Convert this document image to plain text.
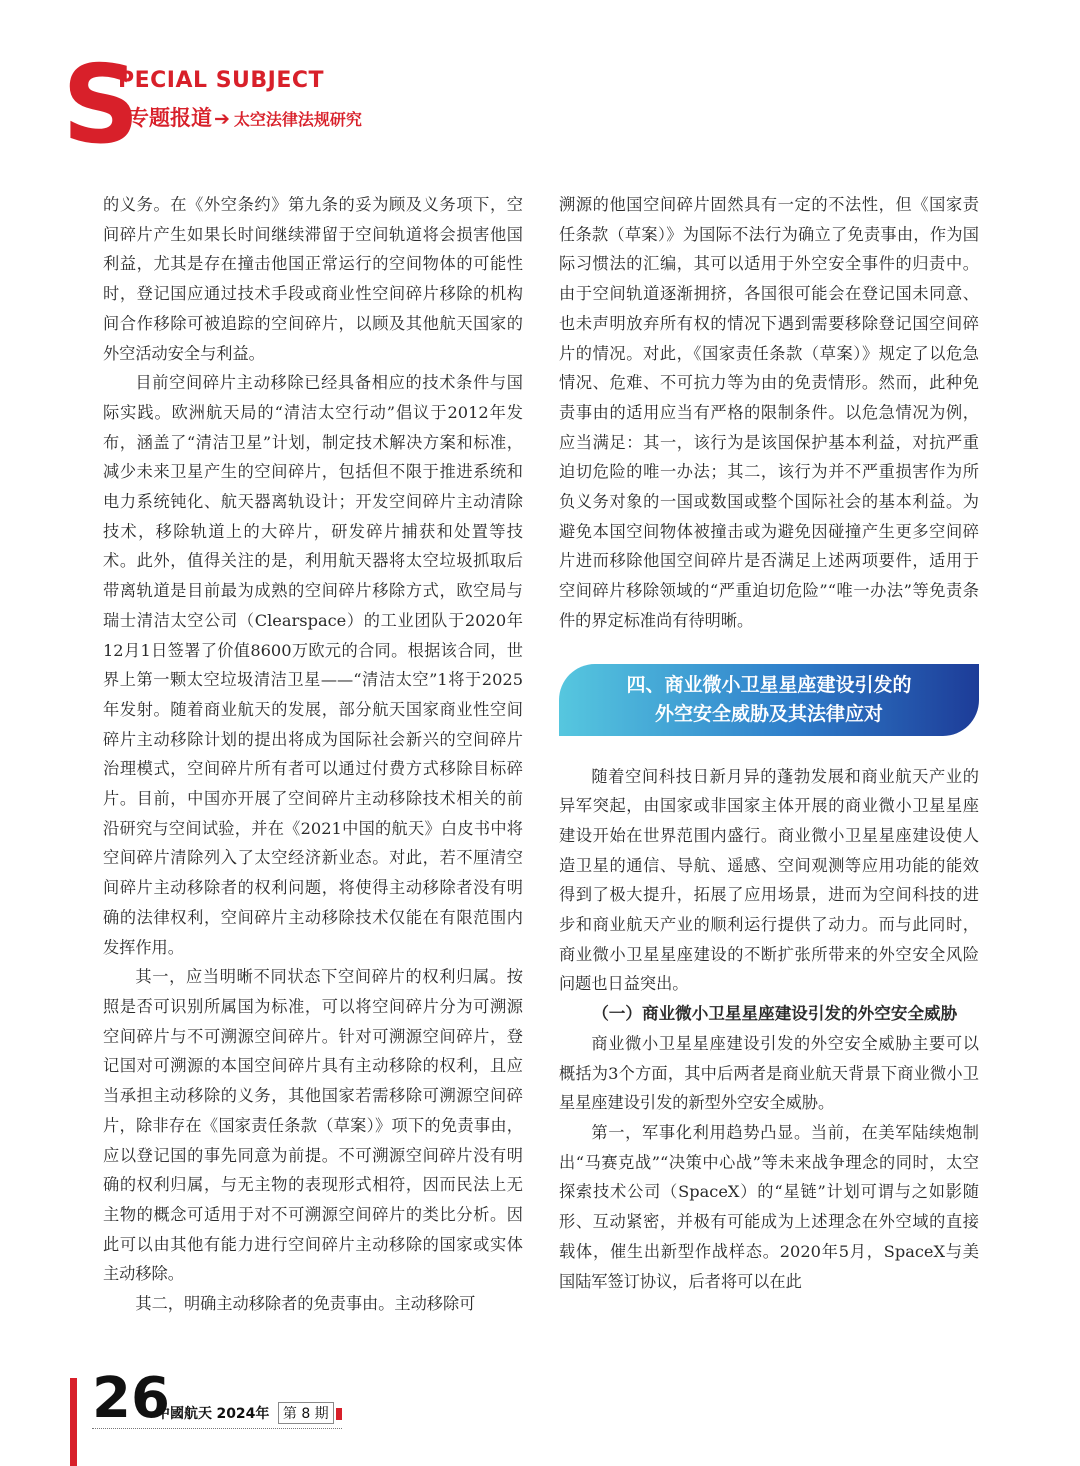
S
PECIAL SUBJECT
专题报道 ➔ 太空法律法规研究

的义务。在《外空条约》第九条的妥为顾及义务项下，空间碎片产生如果长时间继续滞留于空间轨道将会损害他国利益，尤其是存在撞击他国正常运行的空间物体的可能性时，登记国应通过技术手段或商业性空间碎片移除的机构间合作移除可被追踪的空间碎片，以顾及其他航天国家的外空活动安全与利益。

目前空间碎片主动移除已经具备相应的技术条件与国际实践。欧洲航天局的“清洁太空行动”倡议于2012年发布，涵盖了“清洁卫星”计划，制定技术解决方案和标准，减少未来卫星产生的空间碎片，包括但不限于推进系统和电力系统钝化、航天器离轨设计；开发空间碎片主动清除技术，移除轨道上的大碎片，研发碎片捕获和处置等技术。此外，值得关注的是，利用航天器将太空垃圾抓取后带离轨道是目前最为成熟的空间碎片移除方式，欧空局与瑞士清洁太空公司（Clearspace）的工业团队于2020年12月1日签署了价值8600万欧元的合同。根据该合同，世界上第一颗太空垃圾清洁卫星——“清洁太空”1将于2025年发射。随着商业航天的发展，部分航天国家商业性空间碎片主动移除计划的提出将成为国际社会新兴的空间碎片治理模式，空间碎片所有者可以通过付费方式移除目标碎片。目前，中国亦开展了空间碎片主动移除技术相关的前沿研究与空间试验，并在《2021中国的航天》白皮书中将空间碎片清除列入了太空经济新业态。对此，若不厘清空间碎片主动移除者的权利问题，将使得主动移除者没有明确的法律权利，空间碎片主动移除技术仅能在有限范围内发挥作用。

其一，应当明晰不同状态下空间碎片的权利归属。按照是否可识别所属国为标准，可以将空间碎片分为可溯源空间碎片与不可溯源空间碎片。针对可溯源空间碎片，登记国对可溯源的本国空间碎片具有主动移除的权利，且应当承担主动移除的义务，其他国家若需移除可溯源空间碎片，除非存在《国家责任条款（草案）》项下的免责事由，应以登记国的事先同意为前提。不可溯源空间碎片没有明确的权利归属，与无主物的表现形式相符，因而民法上无主物的概念可适用于对不可溯源空间碎片的类比分析。因此可以由其他有能力进行空间碎片主动移除的国家或实体主动移除。

其二，明确主动移除者的免责事由。主动移除可

溯源的他国空间碎片固然具有一定的不法性，但《国家责任条款（草案）》为国际不法行为确立了免责事由，作为国际习惯法的汇编，其可以适用于外空安全事件的归责中。由于空间轨道逐渐拥挤，各国很可能会在登记国未同意、也未声明放弃所有权的情况下遇到需要移除登记国空间碎片的情况。对此，《国家责任条款（草案）》规定了以危急情况、危难、不可抗力等为由的免责情形。然而，此种免责事由的适用应当有严格的限制条件。以危急情况为例，应当满足：其一，该行为是该国保护基本利益，对抗严重迫切危险的唯一办法；其二，该行为并不严重损害作为所负义务对象的一国或数国或整个国际社会的基本利益。为避免本国空间物体被撞击或为避免因碰撞产生更多空间碎片进而移除他国空间碎片是否满足上述两项要件，适用于空间碎片移除领域的“严重迫切危险”“唯一办法”等免责条件的界定标准尚有待明晰。

四、商业微小卫星星座建设引发的
外空安全威胁及其法律应对

随着空间科技日新月异的蓬勃发展和商业航天产业的异军突起，由国家或非国家主体开展的商业微小卫星星座建设开始在世界范围内盛行。商业微小卫星星座建设使人造卫星的通信、导航、遥感、空间观测等应用功能的能效得到了极大提升，拓展了应用场景，进而为空间科技的进步和商业航天产业的顺利运行提供了动力。而与此同时，商业微小卫星星座建设的不断扩张所带来的外空安全风险问题也日益突出。

（一）商业微小卫星星座建设引发的外空安全威胁

商业微小卫星星座建设引发的外空安全威胁主要可以概括为3个方面，其中后两者是商业航天背景下商业微小卫星星座建设引发的新型外空安全威胁。

第一，军事化利用趋势凸显。当前，在美军陆续炮制出“马赛克战”“决策中心战”等未来战争理念的同时，太空探索技术公司（SpaceX）的“星链”计划可谓与之如影随形、互动紧密，并极有可能成为上述理念在外空域的直接载体，催生出新型作战样态。2020年5月，SpaceX与美国陆军签订协议，后者将可以在此

26
中國航天 2024年 第 8 期
